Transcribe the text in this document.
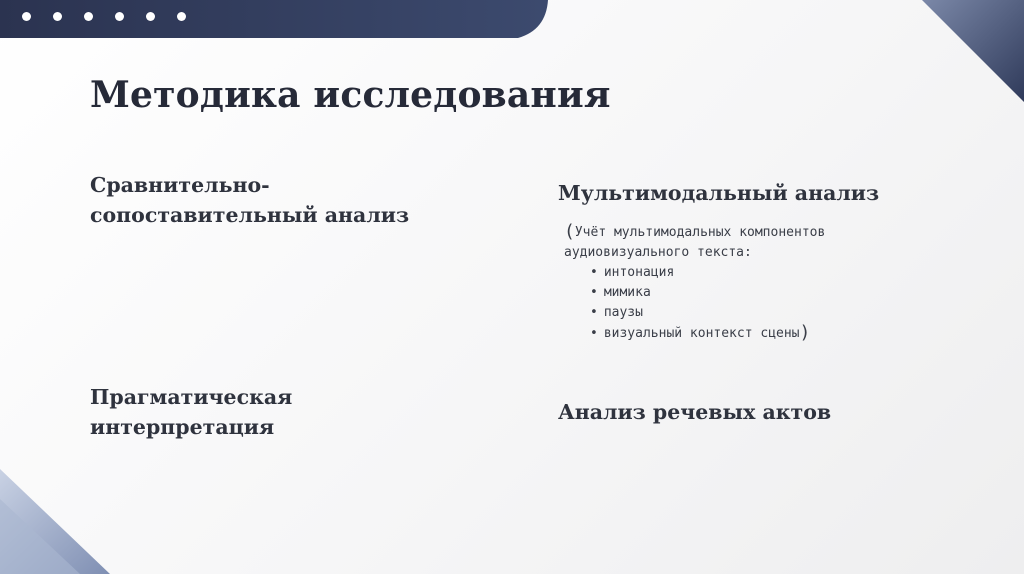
Методика исследования
Сравнительно-сопоставительный анализ
Прагматическая интерпретация
Мультимодальный анализ
Анализ речевых актов
(Учёт мультимодальных компонентов
аудиовизуального текста:
• интонация
• мимика
• паузы
• визуальный контекст сцены)
